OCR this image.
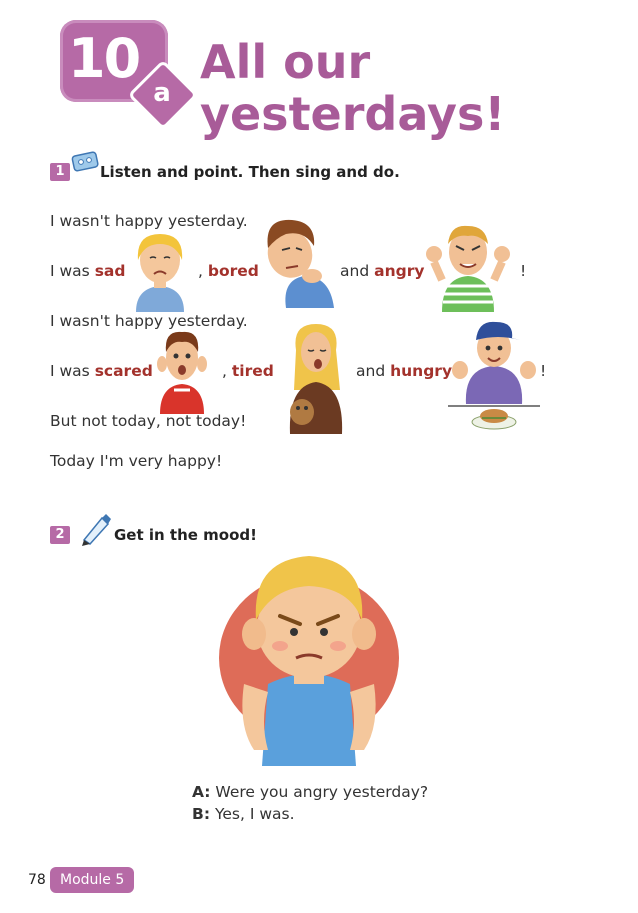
10
a
All our
yesterdays!
1	Listen and point. Then sing and do.
I wasn't happy yesterday.
I was sad	, bored	and angry	!
I wasn't happy yesterday.
I was scared	, tired	and hungry	!
But not today, not today!
Today I'm very happy!
2	Get in the mood!
A: Were you angry yesterday?
B: Yes, I was.
78	Module 5
